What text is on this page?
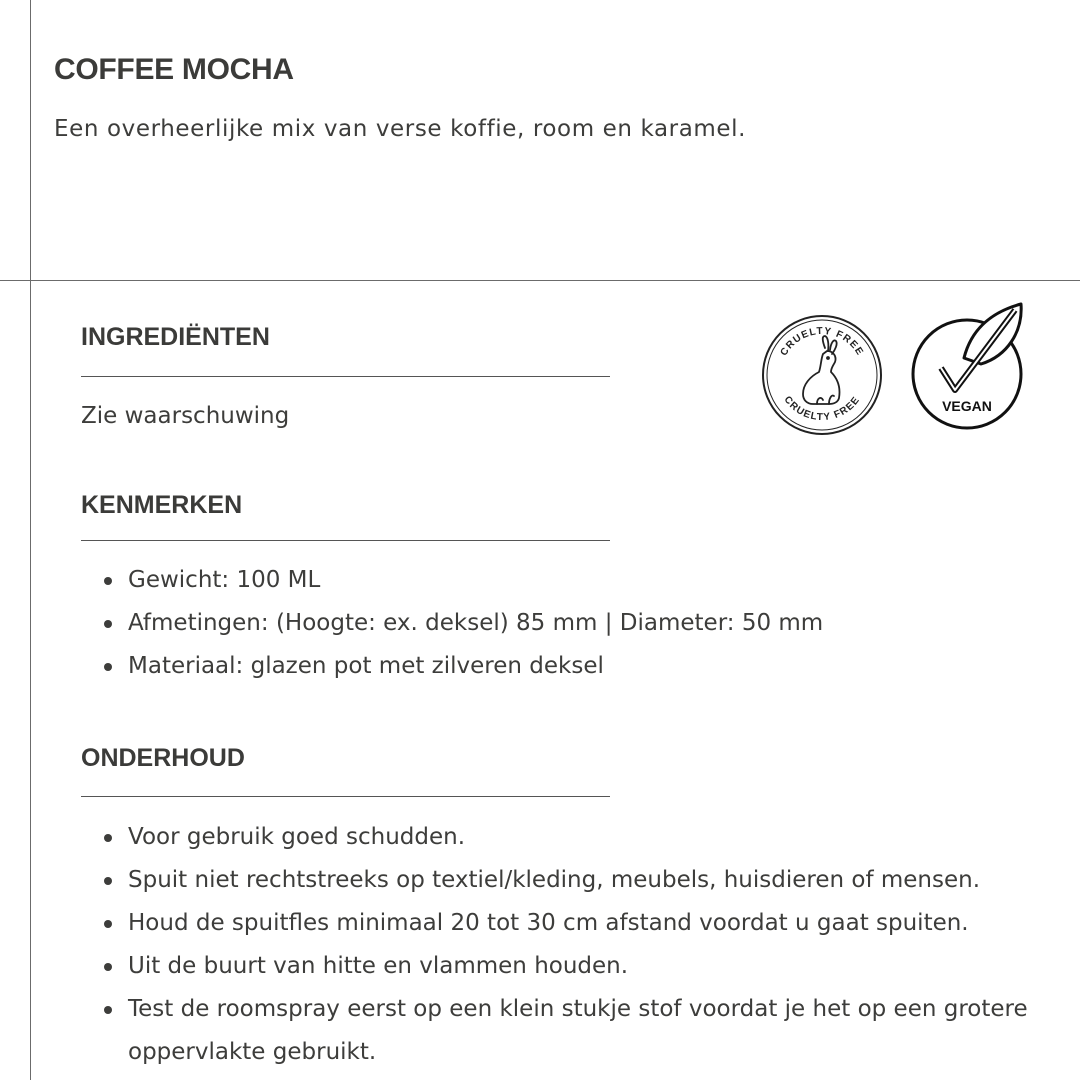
COFFEE MOCHA

Een overheerlijke mix van verse koffie, room en karamel.

INGREDIËNTEN

Zie waarschuwing

KENMERKEN
Gewicht: 100 ML
Afmetingen: (Hoogte: ex. deksel) 85 mm | Diameter: 50 mm
Materiaal: glazen pot met zilveren deksel
ONDERHOUD
Voor gebruik goed schudden.
Spuit niet rechtstreeks op textiel/kleding, meubels, huisdieren of mensen.
Houd de spuitfles minimaal 20 tot 30 cm afstand voordat u gaat spuiten.
Uit de buurt van hitte en vlammen houden.
Test de roomspray eerst op een klein stukje stof voordat je het op een grotere oppervlakte gebruikt.
CRUELTY FREE
CRUELTY FREE	VEGAN
